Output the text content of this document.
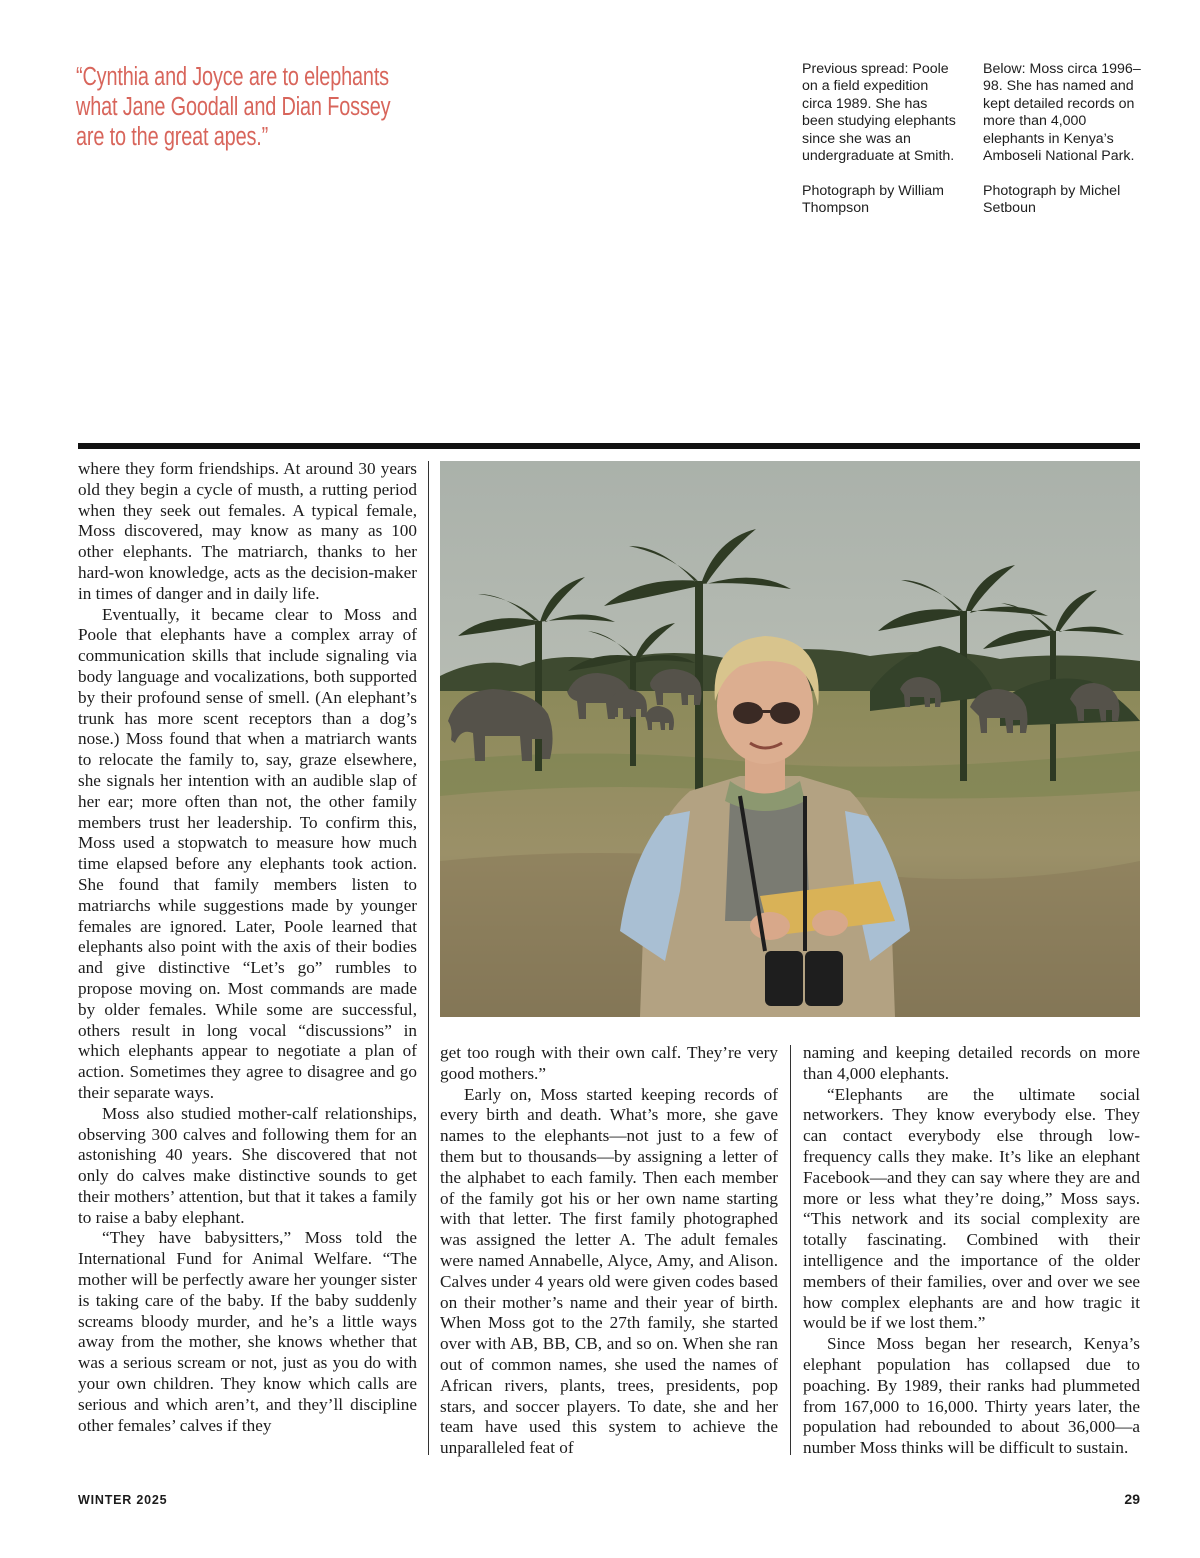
“Cynthia and Joyce are to elephants what Jane Goodall and Dian Fossey are to the great apes.”

Previous spread: Poole on a field expedition circa 1989. She has been studying elephants since she was an undergraduate at Smith.

Photograph by William Thompson

Below: Moss circa 1996–98. She has named and kept detailed records on more than 4,000 elephants in Kenya’s Amboseli National Park.

Photograph by Michel Setboun

where they form friendships. At around 30 years old they begin a cycle of musth, a rutting period when they seek out females. A typical female, Moss discovered, may know as many as 100 other elephants. The matriarch, thanks to her hard-won knowledge, acts as the decision-maker in times of danger and in daily life.

Eventually, it became clear to Moss and Poole that elephants have a complex array of communication skills that include signaling via body language and vocalizations, both supported by their profound sense of smell. (An elephant’s trunk has more scent receptors than a dog’s nose.) Moss found that when a matriarch wants to relocate the family to, say, graze elsewhere, she signals her intention with an audible slap of her ear; more often than not, the other family members trust her leadership. To confirm this, Moss used a stopwatch to measure how much time elapsed before any elephants took action. She found that family members listen to matriarchs while suggestions made by younger females are ignored. Later, Poole learned that elephants also point with the axis of their bodies and give distinctive “Let’s go” rumbles to propose moving on. Most commands are made by older females. While some are successful, others result in long vocal “discussions” in which elephants appear to negotiate a plan of action. Sometimes they agree to disagree and go their separate ways.

Moss also studied mother-calf relationships, observing 300 calves and following them for an astonishing 40 years. She discovered that not only do calves make distinctive sounds to get their mothers’ attention, but that it takes a family to raise a baby elephant.

“They have babysitters,” Moss told the International Fund for Animal Welfare. “The mother will be perfectly aware her younger sister is taking care of the baby. If the baby suddenly screams bloody murder, and he’s a little ways away from the mother, she knows whether that was a serious scream or not, just as you do with your own children. They know which calls are serious and which aren’t, and they’ll discipline other females’ calves if they

get too rough with their own calf. They’re very good mothers.”

Early on, Moss started keeping records of every birth and death. What’s more, she gave names to the elephants—not just to a few of them but to thousands—by assigning a letter of the alphabet to each family. Then each member of the family got his or her own name starting with that letter. The first family photographed was assigned the letter A. The adult females were named Annabelle, Alyce, Amy, and Alison. Calves under 4 years old were given codes based on their mother’s name and their year of birth. When Moss got to the 27th family, she started over with AB, BB, CB, and so on. When she ran out of common names, she used the names of African rivers, plants, trees, presidents, pop stars, and soccer players. To date, she and her team have used this system to achieve the unparalleled feat of

naming and keeping detailed records on more than 4,000 elephants.

“Elephants are the ultimate social networkers. They know everybody else. They can contact everybody else through low-frequency calls they make. It’s like an elephant Facebook—and they can say where they are and more or less what they’re doing,” Moss says. “This network and its social complexity are totally fascinating. Combined with their intelligence and the importance of the older members of their families, over and over we see how complex elephants are and how tragic it would be if we lost them.”

Since Moss began her research, Kenya’s elephant population has collapsed due to poaching. By 1989, their ranks had plummeted from 167,000 to 16,000. Thirty years later, the population had rebounded to about 36,000—a number Moss thinks will be difficult to sustain.

WINTER 2025	29
